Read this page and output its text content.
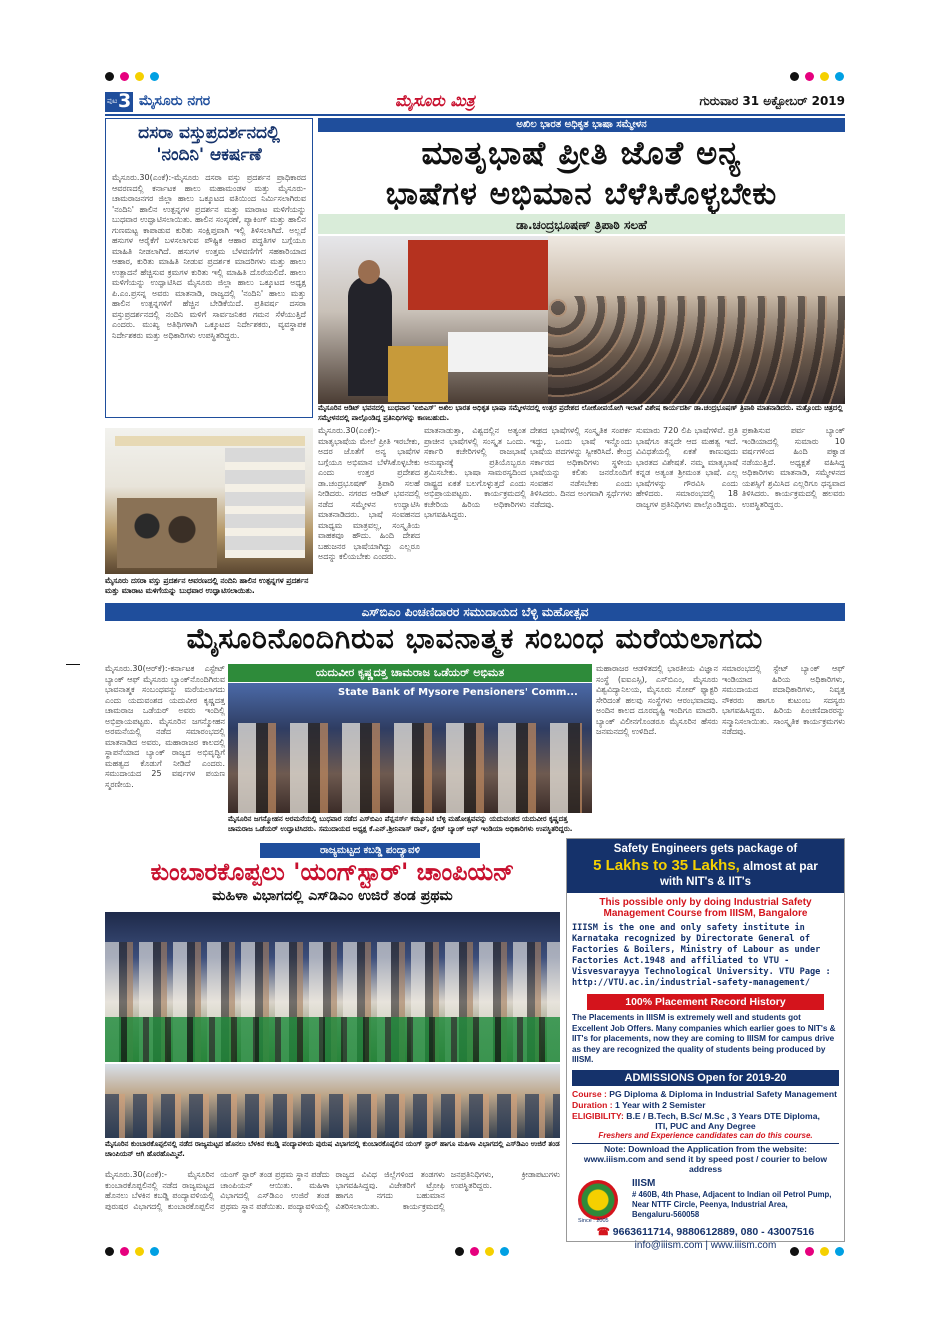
ಪುಟ 3 ಮೈಸೂರು ನಗರ	ಮೈಸೂರು ಮಿತ್ರ	ಗುರುವಾರ 31 ಅಕ್ಟೋಬರ್ 2019
ದಸರಾ ವಸ್ತುಪ್ರದರ್ಶನದಲ್ಲಿ
'ನಂದಿನಿ' ಆಕರ್ಷಣೆ
ಮೈಸೂರು.30(ಎಂಕೆ):-ಮೈಸೂರು ದಸರಾ ವಸ್ತು ಪ್ರದರ್ಶನ ಪ್ರಾಧಿಕಾರದ ಆವರಣದಲ್ಲಿ ಕರ್ನಾಟಕ ಹಾಲು ಮಹಾಮಂಡಳ ಮತ್ತು ಮೈಸೂರು-ಚಾಮರಾಜನಗರ ಜಿಲ್ಲಾ ಹಾಲು ಒಕ್ಕೂಟದ ವತಿಯಿಂದ ನಿರ್ಮಿಸಲಾಗಿರುವ 'ನಂದಿನಿ' ಹಾಲಿನ ಉತ್ಪನ್ನಗಳ ಪ್ರದರ್ಶನ ಮತ್ತು ಮಾರಾಟ ಮಳಿಗೆಯನ್ನು ಬುಧವಾರ ಉದ್ಘಾಟಿಸಲಾಯಿತು. ಹಾಲಿನ ಸಂಸ್ಕರಣೆ, ಪ್ಯಾಕಿಂಗ್ ಮತ್ತು ಹಾಲಿನ ಗುಣಮಟ್ಟ ಕಾಪಾಡುವ ಕುರಿತು ಸಂಕ್ಷಿಪ್ತವಾಗಿ ಇಲ್ಲಿ ತಿಳಿಸಲಾಗಿದೆ. ಅಲ್ಲದೆ ಹಸುಗಳ ಆರೈಕೆಗೆ ಬಳಸಲಾಗುವ ಪೌಷ್ಟಿಕ ಆಹಾರ ಪದ್ಧತಿಗಳ ಬಗ್ಗೆಯೂ ಮಾಹಿತಿ ನೀಡಲಾಗಿದೆ. ಹಸುಗಳ ಉತ್ತಮ ಬೆಳವಣಿಗೆಗೆ ಸಹಕಾರಿಯಾದ ಆಹಾರ, ಕುರಿತು ಮಾಹಿತಿ ನೀಡುವ ಪ್ರದರ್ಶಕ ಮಾದರಿಗಳು ಮತ್ತು ಹಾಲು ಉತ್ಪಾದನೆ ಹೆಚ್ಚಿಸುವ ಕ್ರಮಗಳ ಕುರಿತು ಇಲ್ಲಿ ಮಾಹಿತಿ ದೊರೆಯಲಿದೆ. ಹಾಲು ಮಳಿಗೆಯನ್ನು ಉದ್ಘಾಟಿಸಿದ ಮೈಸೂರು ಜಿಲ್ಲಾ ಹಾಲು ಒಕ್ಕೂಟದ ಅಧ್ಯಕ್ಷ ಪಿ.ಎಂ.ಪ್ರಸನ್ನ ಅವರು ಮಾತನಾಡಿ, ರಾಜ್ಯದಲ್ಲಿ 'ನಂದಿನಿ' ಹಾಲು ಮತ್ತು ಹಾಲಿನ ಉತ್ಪನ್ನಗಳಿಗೆ ಹೆಚ್ಚಿನ ಬೇಡಿಕೆಯಿದೆ. ಪ್ರತಿವರ್ಷ ದಸರಾ ವಸ್ತುಪ್ರದರ್ಶನದಲ್ಲಿ ನಂದಿನಿ ಮಳಿಗೆ ಸಾರ್ವಜನಿಕರ ಗಮನ ಸೆಳೆಯುತ್ತಿದೆ ಎಂದರು. ಮುಖ್ಯ ಅತಿಥಿಗಳಾಗಿ ಒಕ್ಕೂಟದ ನಿರ್ದೇಶಕರು, ವ್ಯವಸ್ಥಾಪಕ ನಿರ್ದೇಶಕರು ಮತ್ತು ಅಧಿಕಾರಿಗಳು ಉಪಸ್ಥಿತರಿದ್ದರು.
ಮೈಸೂರು ದಸರಾ ವಸ್ತು ಪ್ರದರ್ಶನ ಆವರಣದಲ್ಲಿ ನಂದಿನಿ ಹಾಲಿನ ಉತ್ಪನ್ನಗಳ ಪ್ರದರ್ಶನ ಮತ್ತು ಮಾರಾಟ ಮಳಿಗೆಯನ್ನು ಬುಧವಾರ ಉದ್ಘಾಟಿಸಲಾಯಿತು.
ಅಖಿಲ ಭಾರತ ಅಧಿಕೃತ ಭಾಷಾ ಸಮ್ಮೇಳನ
ಮಾತೃಭಾಷೆ ಪ್ರೀತಿ ಜೊತೆ ಅನ್ಯ
ಭಾಷೆಗಳ ಅಭಿಮಾನ ಬೆಳೆಸಿಕೊಳ್ಳಬೇಕು
ಡಾ.ಚಂದ್ರಭೂಷಣ್ ತ್ರಿಪಾಠಿ ಸಲಹೆ
ಮೈಸೂರಿನ ಆಡಿಟ್ ಭವನದಲ್ಲಿ ಬುಧವಾರ 'ಐಬಿಎಸ್' ಅಖಿಲ ಭಾರತ ಅಧಿಕೃತ ಭಾಷಾ ಸಮ್ಮೇಳನದಲ್ಲಿ ಉತ್ತರ ಪ್ರದೇಶದ ಲೋಕೋಪಯೋಗಿ ಇಲಾಖೆ ವಿಶೇಷ ಕಾರ್ಯದರ್ಶಿ ಡಾ.ಚಂದ್ರಭೂಷಣ್ ತ್ರಿಪಾಠಿ ಮಾತನಾಡಿದರು. ಮತ್ತೊಂದು ಚಿತ್ರದಲ್ಲಿ ಸಮ್ಮೇಳನದಲ್ಲಿ ಪಾಲ್ಗೊಂಡಿದ್ದ ಪ್ರತಿನಿಧಿಗಳನ್ನು ಕಾಣಬಹುದು.
ಮೈಸೂರು.30(ಎಂಕೆ):- ಮಾತೃಭಾಷೆಯ ಮೇಲೆ ಪ್ರೀತಿ ಇರಬೇಕು, ಅದರ ಜೊತೆಗೆ ಅನ್ಯ ಭಾಷೆಗಳ ಬಗ್ಗೆಯೂ ಅಭಿಮಾನ ಬೆಳೆಸಿಕೊಳ್ಳಬೇಕು ಎಂದು ಉತ್ತರ ಪ್ರದೇಶದ ಡಾ.ಚಂದ್ರಭೂಷಣ್ ತ್ರಿಪಾಠಿ ಸಲಹೆ ನೀಡಿದರು. ನಗರದ ಆಡಿಟ್ ಭವನದಲ್ಲಿ ನಡೆದ ಸಮ್ಮೇಳನ ಉದ್ಘಾಟಿಸಿ ಮಾತನಾಡಿದರು. ಭಾಷೆ ಸಂವಹನದ ಮಾಧ್ಯಮ ಮಾತ್ರವಲ್ಲ, ಸಂಸ್ಕೃತಿಯ ವಾಹಕವೂ ಹೌದು. ಹಿಂದಿ ದೇಶದ ಬಹುಜನರ ಭಾಷೆಯಾಗಿದ್ದು ಎಲ್ಲರೂ ಅದನ್ನು ಕಲಿಯಬೇಕು ಎಂದರು.
ಮಾತನಾಡುತ್ತಾ, ವಿಶ್ವದಲ್ಲಿನ ಅತ್ಯಂತ ಪ್ರಾಚೀನ ಭಾಷೆಗಳಲ್ಲಿ ಸಂಸ್ಕೃತ ಒಂದು. ಸರ್ಕಾರಿ ಕಚೇರಿಗಳಲ್ಲಿ ರಾಜಭಾಷೆ ಅನುಷ್ಠಾನಕ್ಕೆ ಪ್ರತಿಯೊಬ್ಬರೂ ಶ್ರಮಿಸಬೇಕು. ಭಾಷಾ ಸಾಮರಸ್ಯದಿಂದ ರಾಷ್ಟ್ರದ ಏಕತೆ ಬಲಗೊಳ್ಳುತ್ತದೆ ಎಂದು ಅಭಿಪ್ರಾಯಪಟ್ಟರು. ಕಾರ್ಯಕ್ರಮದಲ್ಲಿ ಕಚೇರಿಯ ಹಿರಿಯ ಅಧಿಕಾರಿಗಳು ಭಾಗವಹಿಸಿದ್ದರು.
ದೇಶದ ಭಾಷೆಗಳಲ್ಲಿ ಸಂಸ್ಕೃತಿಕ ಸಂಪರ್ಕ ಇದ್ದು, ಒಂದು ಭಾಷೆ ಇನ್ನೊಂದು ಭಾಷೆಯ ಪದಗಳನ್ನು ಸ್ವೀಕರಿಸಿದೆ. ಕೇಂದ್ರ ಸರ್ಕಾರದ ಅಧಿಕಾರಿಗಳು ಸ್ಥಳೀಯ ಭಾಷೆಯನ್ನು ಕಲಿತು ಜನರೊಂದಿಗೆ ಸಂವಹನ ನಡೆಸಬೇಕು ಎಂದು ತಿಳಿಸಿದರು. ದಿನದ ಅಂಗವಾಗಿ ಸ್ಪರ್ಧೆಗಳು ನಡೆದವು.
ಸುಮಾರು 720 ಲಿಪಿ ಭಾಷೆಗಳಿವೆ. ಪ್ರತಿ ಭಾಷೆಗೂ ತನ್ನದೇ ಆದ ಮಹತ್ವ ಇದೆ. ವಿವಿಧತೆಯಲ್ಲಿ ಏಕತೆ ಕಾಣುವುದು ಭಾರತದ ವಿಶೇಷತೆ. ನಮ್ಮ ಮಾತೃಭಾಷೆ ಕನ್ನಡ ಅತ್ಯಂತ ಶ್ರೀಮಂತ ಭಾಷೆ. ಎಲ್ಲ ಭಾಷೆಗಳನ್ನು ಗೌರವಿಸಿ ಎಂದು ಹೇಳಿದರು. ಸಮಾರಂಭದಲ್ಲಿ 18 ರಾಜ್ಯಗಳ ಪ್ರತಿನಿಧಿಗಳು ಪಾಲ್ಗೊಂಡಿದ್ದರು.
ಪ್ರಕಾಶಿಸುವ ಪರ್ವ ಬ್ಯಾಂಕ್ ಇಂಡಿಯಾದಲ್ಲಿ ಸುಮಾರು 10 ವರ್ಷಗಳಿಂದ ಹಿಂದಿ ಪಕ್ವಾಡ ನಡೆಯುತ್ತಿದೆ. ಅಧ್ಯಕ್ಷತೆ ವಹಿಸಿದ್ದ ಅಧಿಕಾರಿಗಳು ಮಾತನಾಡಿ, ಸಮ್ಮೇಳನದ ಯಶಸ್ಸಿಗೆ ಶ್ರಮಿಸಿದ ಎಲ್ಲರಿಗೂ ಧನ್ಯವಾದ ತಿಳಿಸಿದರು. ಕಾರ್ಯಕ್ರಮದಲ್ಲಿ ಹಲವರು ಉಪಸ್ಥಿತರಿದ್ದರು.
ಎಸ್‌ಬಿಎಂ ಪಿಂಚಣಿದಾರರ ಸಮುದಾಯದ ಬೆಳ್ಳಿ ಮಹೋತ್ಸವ
ಮೈಸೂರಿನೊಂದಿಗಿರುವ ಭಾವನಾತ್ಮಕ ಸಂಬಂಧ ಮರೆಯಲಾಗದು
ಮೈಸೂರು.30(ಆರ್‌ಕೆ):-ಕರ್ನಾಟಕ ಎಸ್ಟೇಟ್ ಬ್ಯಾಂಕ್ ಆಫ್ ಮೈಸೂರು ಬ್ಯಾಂಕ್‌ನೊಂದಿಗಿರುವ ಭಾವನಾತ್ಮಕ ಸಂಬಂಧವನ್ನು ಮರೆಯಲಾಗದು ಎಂದು ಯದುವಂಶದ ಯದುವೀರ ಕೃಷ್ಣದತ್ತ ಚಾಮರಾಜ ಒಡೆಯರ್ ಅವರು ಇಂದಿಲ್ಲಿ ಅಭಿಪ್ರಾಯಪಟ್ಟರು. ಮೈಸೂರಿನ ಜಗನ್ಮೋಹನ ಅರಮನೆಯಲ್ಲಿ ನಡೆದ ಸಮಾರಂಭದಲ್ಲಿ ಮಾತನಾಡಿದ ಅವರು, ಮಹಾರಾಜರ ಕಾಲದಲ್ಲಿ ಸ್ಥಾಪನೆಯಾದ ಬ್ಯಾಂಕ್ ರಾಜ್ಯದ ಅಭಿವೃದ್ಧಿಗೆ ಮಹತ್ವದ ಕೊಡುಗೆ ನೀಡಿದೆ ಎಂದರು. ಸಮುದಾಯದ 25 ವರ್ಷಗಳ ಪಯಣ ಸ್ಮರಣೀಯ.
ಯದುವೀರ ಕೃಷ್ಣದತ್ತ ಚಾಮರಾಜ ಒಡೆಯರ್ ಅಭಿಮತ
State Bank of Mysore Pensioners' Comm...
ಮೈಸೂರಿನ ಜಗನ್ಮೋಹನ ಅರಮನೆಯಲ್ಲಿ ಬುಧವಾರ ನಡೆದ ಎಸ್‌ಬಿಎಂ ಪೆನ್ಷನರ್ಸ್ ಕಮ್ಯೂನಿಟಿ ಬೆಳ್ಳಿ ಮಹೋತ್ಸವವನ್ನು ಯದುವಂಶದ ಯದುವೀರ ಕೃಷ್ಣದತ್ತ ಚಾಮರಾಜ ಒಡೆಯರ್ ಉದ್ಘಾಟಿಸಿದರು. ಸಮುದಾಯದ ಅಧ್ಯಕ್ಷ ಕೆ.ಎನ್.ಶ್ರೀನಿವಾಸ್ ರಾವ್, ಸ್ಟೇಟ್ ಬ್ಯಾಂಕ್ ಆಫ್ ಇಂಡಿಯಾ ಅಧಿಕಾರಿಗಳು ಉಪಸ್ಥಿತರಿದ್ದರು.
ಮಹಾರಾಜರ ಆಡಳಿತದಲ್ಲಿ ಭಾರತೀಯ ವಿಜ್ಞಾನ ಸಂಸ್ಥೆ (ಐಐಎಸ್ಸಿ), ಎಸ್‌ಬಿಎಂ, ಮೈಸೂರು ವಿಶ್ವವಿದ್ಯಾನಿಲಯ, ಮೈಸೂರು ಸೋಪ್ ಫ್ಯಾಕ್ಟರಿ ಸೇರಿದಂತೆ ಹಲವು ಸಂಸ್ಥೆಗಳು ಆರಂಭವಾದವು. ಅಂದಿನ ಕಾಲದ ದೂರದೃಷ್ಟಿ ಇಂದಿಗೂ ಮಾದರಿ. ಬ್ಯಾಂಕ್ ವಿಲೀನಗೊಂಡರೂ ಮೈಸೂರಿನ ಹೆಸರು ಜನಮನದಲ್ಲಿ ಉಳಿದಿದೆ.
ಸಮಾರಂಭದಲ್ಲಿ ಸ್ಟೇಟ್ ಬ್ಯಾಂಕ್ ಆಫ್ ಇಂಡಿಯಾದ ಹಿರಿಯ ಅಧಿಕಾರಿಗಳು, ಸಮುದಾಯದ ಪದಾಧಿಕಾರಿಗಳು, ನಿವೃತ್ತ ನೌಕರರು ಹಾಗೂ ಕುಟುಂಬ ಸದಸ್ಯರು ಭಾಗವಹಿಸಿದ್ದರು. ಹಿರಿಯ ಪಿಂಚಣಿದಾರರನ್ನು ಸನ್ಮಾನಿಸಲಾಯಿತು. ಸಾಂಸ್ಕೃತಿಕ ಕಾರ್ಯಕ್ರಮಗಳು ನಡೆದವು.
ರಾಜ್ಯಮಟ್ಟದ ಕಬಡ್ಡಿ ಪಂದ್ಯಾವಳಿ
ಕುಂಬಾರಕೊಪ್ಪಲು 'ಯಂಗ್‌ಸ್ಟಾರ್' ಚಾಂಪಿಯನ್
ಮಹಿಳಾ ವಿಭಾಗದಲ್ಲಿ ಎಸ್‌ಡಿಎಂ ಉಜಿರೆ ತಂಡ ಪ್ರಥಮ
ಮೈಸೂರಿನ ಕುಂಬಾರಕೊಪ್ಪಲಿನಲ್ಲಿ ನಡೆದ ರಾಜ್ಯಮಟ್ಟದ ಹೊನಲು ಬೆಳಕಿನ ಕಬಡ್ಡಿ ಪಂದ್ಯಾವಳಿಯ ಪುರುಷ ವಿಭಾಗದಲ್ಲಿ ಕುಂಬಾರಕೊಪ್ಪಲಿನ ಯಂಗ್ ಸ್ಟಾರ್ ಹಾಗೂ ಮಹಿಳಾ ವಿಭಾಗದಲ್ಲಿ ಎಸ್‌ಡಿಎಂ ಉಜಿರೆ ತಂಡ ಚಾಂಪಿಯನ್ ಆಗಿ ಹೊರಹೊಮ್ಮಿವೆ.
ಮೈಸೂರು.30(ಎಂಕೆ):- ಮೈಸೂರಿನ ಕುಂಬಾರಕೊಪ್ಪಲಿನಲ್ಲಿ ನಡೆದ ರಾಜ್ಯಮಟ್ಟದ ಹೊನಲು ಬೆಳಕಿನ ಕಬಡ್ಡಿ ಪಂದ್ಯಾವಳಿಯಲ್ಲಿ ಪುರುಷರ ವಿಭಾಗದಲ್ಲಿ ಕುಂಬಾರಕೊಪ್ಪಲಿನ ಯಂಗ್ ಸ್ಟಾರ್ ತಂಡ ಪ್ರಥಮ ಸ್ಥಾನ ಪಡೆದು ಚಾಂಪಿಯನ್ ಆಯಿತು. ಮಹಿಳಾ ವಿಭಾಗದಲ್ಲಿ ಎಸ್‌ಡಿಎಂ ಉಜಿರೆ ತಂಡ ಪ್ರಥಮ ಸ್ಥಾನ ಪಡೆಯಿತು. ಪಂದ್ಯಾವಳಿಯಲ್ಲಿ ರಾಜ್ಯದ ವಿವಿಧ ಜಿಲ್ಲೆಗಳಿಂದ ತಂಡಗಳು ಭಾಗವಹಿಸಿದ್ದವು. ವಿಜೇತರಿಗೆ ಟ್ರೋಫಿ ಹಾಗೂ ನಗದು ಬಹುಮಾನ ವಿತರಿಸಲಾಯಿತು. ಕಾರ್ಯಕ್ರಮದಲ್ಲಿ ಜನಪ್ರತಿನಿಧಿಗಳು, ಕ್ರೀಡಾಪಟುಗಳು ಉಪಸ್ಥಿತರಿದ್ದರು.
Safety Engineers gets package of
5 Lakhs to 35 Lakhs, almost at par
with NIT's & IIT's
This possible only by doing Industrial Safety
Management Course from IIISM, Bangalore
IIISM is the one and only safety institute in Karnataka recognized by Directorate General of Factories & Boilers, Ministry of Labour as under Factories Act.1948 and affiliated to VTU - Visvesvarayya Technological University. VTU Page : http://VTU.ac.in/industrial-safety-management/
100% Placement Record History
The Placements in IIISM is extremely well and students got Excellent Job Offers. Many companies which earlier goes to NIT's & IIT's for placements, now they are coming to IIISM for campus drive as they are recognized the quality of students being produced by IIISM.
ADMISSIONS Open for 2019-20
Course : PG Diploma & Diploma in Industrial Safety Management
Duration : 1 Year with 2 Semister
ELIGIBILITY: B.E / B.Tech, B.Sc/ M.Sc , 3 Years DTE Diploma,
ITI, PUC and Any Degree
Freshers and Experience candidates can do this course.
Note: Download the Application from the website:
www.iiism.com and send it by speed post / courier to below address
Since : 2005
IIISM
# 460B, 4th Phase, Adjacent to Indian oil Petrol Pump,
Near NTTF Circle, Peenya, Industrial Area,
Bengaluru-560058
☎ 9663611714, 9880612889, 080 - 43007516
info@iiism.com | www.iiism.com
